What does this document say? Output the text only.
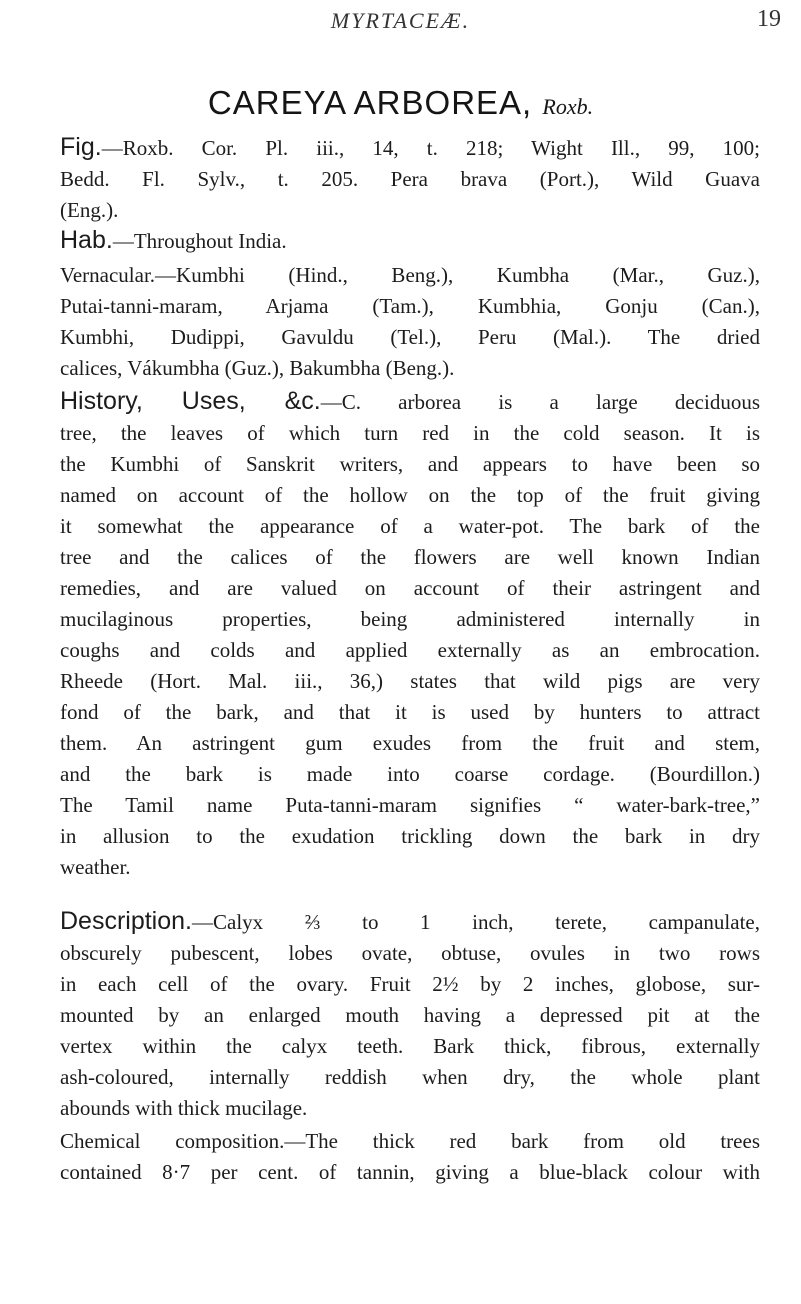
MYRTACEÆ.	19
CAREYA ARBOREA, Roxb.
Fig.—Roxb. Cor. Pl. iii., 14, t. 218; Wight Ill., 99, 100;
Bedd. Fl. Sylv., t. 205. Pera brava (Port.), Wild Guava
(Eng.).
Hab.—Throughout India.
Vernacular.—Kumbhi (Hind., Beng.), Kumbha (Mar., Guz.),
Putai-tanni-maram, Arjama (Tam.), Kumbhia, Gonju (Can.),
Kumbhi, Dudippi, Gavuldu (Tel.), Peru (Mal.). The dried
calices, Vákumbha (Guz.), Bakumbha (Beng.).
History, Uses, &c.—C. arborea is a large deciduous
tree, the leaves of which turn red in the cold season. It is
the Kumbhi of Sanskrit writers, and appears to have been so
named on account of the hollow on the top of the fruit giving
it somewhat the appearance of a water-pot. The bark of the
tree and the calices of the flowers are well known Indian
remedies, and are valued on account of their astringent and
mucilaginous properties, being administered internally in
coughs and colds and applied externally as an embrocation.
Rheede (Hort. Mal. iii., 36,) states that wild pigs are very
fond of the bark, and that it is used by hunters to attract
them. An astringent gum exudes from the fruit and stem,
and the bark is made into coarse cordage. (Bourdillon.)
The Tamil name Puta-tanni-maram signifies “ water-bark-tree,”
in allusion to the exudation trickling down the bark in dry
weather.
Description.—Calyx ⅔ to 1 inch, terete, campanulate,
obscurely pubescent, lobes ovate, obtuse, ovules in two rows
in each cell of the ovary. Fruit 2½ by 2 inches, globose, sur-
mounted by an enlarged mouth having a depressed pit at the
vertex within the calyx teeth. Bark thick, fibrous, externally
ash-coloured, internally reddish when dry, the whole plant
abounds with thick mucilage.
Chemical composition.—The thick red bark from old trees
contained 8·7 per cent. of tannin, giving a blue-black colour with
